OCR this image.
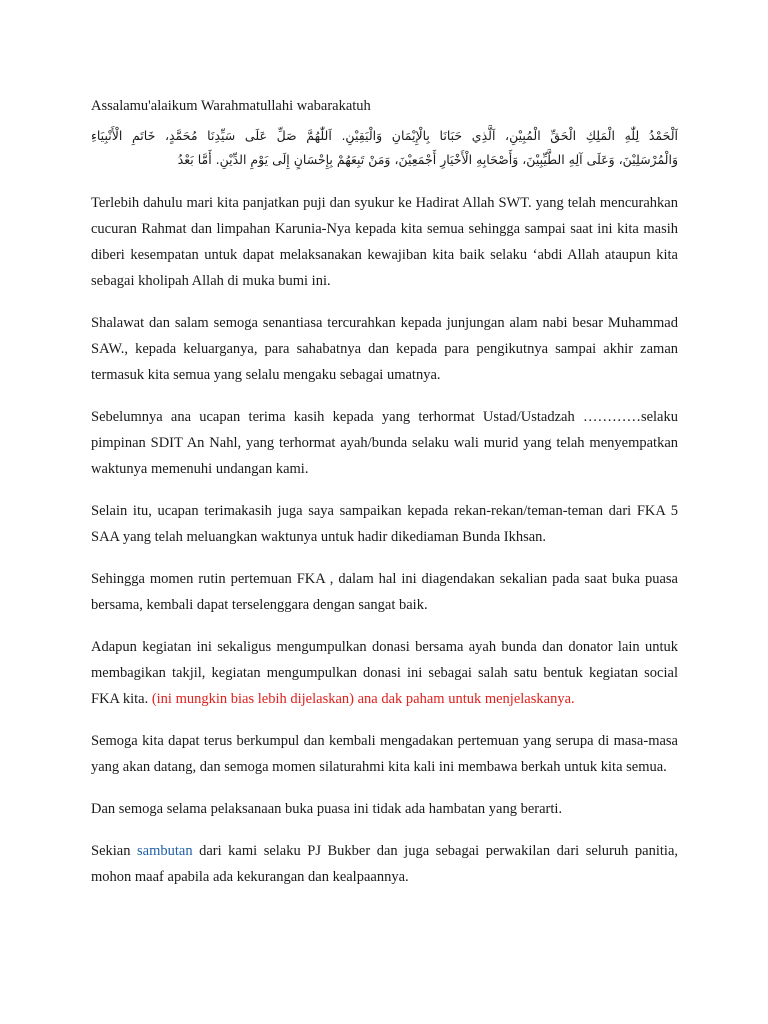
Assalamu'alaikum Warahmatullahi wabarakatuh
اَلْحَمْدُ لِلّٰهِ الْمَلِكِ الْحَقِّ الْمُبِيْنِ، اَلَّذِي حَبَانَا بِالْإِيْمَانِ وَالْيَقِيْنِ. اَللّٰهُمَّ صَلِّ عَلَى سَيِّدِنَا مُحَمَّدٍ، خَاتَمِ الْأَنْبِيَاءِ
وَالْمُرْسَلِيْنَ، وَعَلَى آلِهِ الطَّيِّبِيْنَ، وَأَصْحَابِهِ الْأَخْيَارِ أَجْمَعِيْنَ، وَمَنْ تَبِعَهُمْ بِإِحْسَانٍ إِلَى يَوْمِ الدِّيْنِ. أَمَّا بَعْدُ

Terlebih dahulu mari kita panjatkan puji dan syukur ke Hadirat Allah SWT. yang telah mencurahkan cucuran Rahmat dan limpahan Karunia-Nya kepada kita semua sehingga sampai saat ini kita masih diberi kesempatan untuk dapat melaksanakan kewajiban kita baik selaku ‘abdi Allah ataupun kita sebagai kholipah Allah di muka bumi ini.

Shalawat dan salam semoga senantiasa tercurahkan kepada junjungan alam nabi besar Muhammad SAW., kepada keluarganya, para sahabatnya dan kepada para pengikutnya sampai akhir zaman termasuk kita semua yang selalu mengaku sebagai umatnya.

Sebelumnya ana ucapan terima kasih kepada yang terhormat Ustad/Ustadzah …………selaku pimpinan SDIT An Nahl, yang terhormat ayah/bunda selaku wali murid yang telah menyempatkan waktunya memenuhi undangan kami.

Selain itu, ucapan terimakasih juga saya sampaikan kepada rekan-rekan/teman-teman dari FKA 5 SAA yang telah meluangkan waktunya untuk hadir dikediaman Bunda Ikhsan.

Sehingga momen rutin pertemuan FKA , dalam hal ini diagendakan sekalian pada saat buka puasa bersama, kembali dapat terselenggara dengan sangat baik.

Adapun kegiatan ini sekaligus mengumpulkan donasi bersama ayah bunda dan donator lain untuk membagikan takjil, kegiatan mengumpulkan donasi ini sebagai salah satu bentuk kegiatan social FKA kita. (ini mungkin bias lebih dijelaskan) ana dak paham untuk menjelaskanya.

Semoga kita dapat terus berkumpul dan kembali mengadakan pertemuan yang serupa di masa-masa yang akan datang, dan semoga momen silaturahmi kita kali ini membawa berkah untuk kita semua.

Dan semoga selama pelaksanaan buka puasa ini tidak ada hambatan yang berarti.

Sekian sambutan dari kami selaku PJ Bukber dan juga sebagai perwakilan dari seluruh panitia, mohon maaf apabila ada kekurangan dan kealpaannya.
